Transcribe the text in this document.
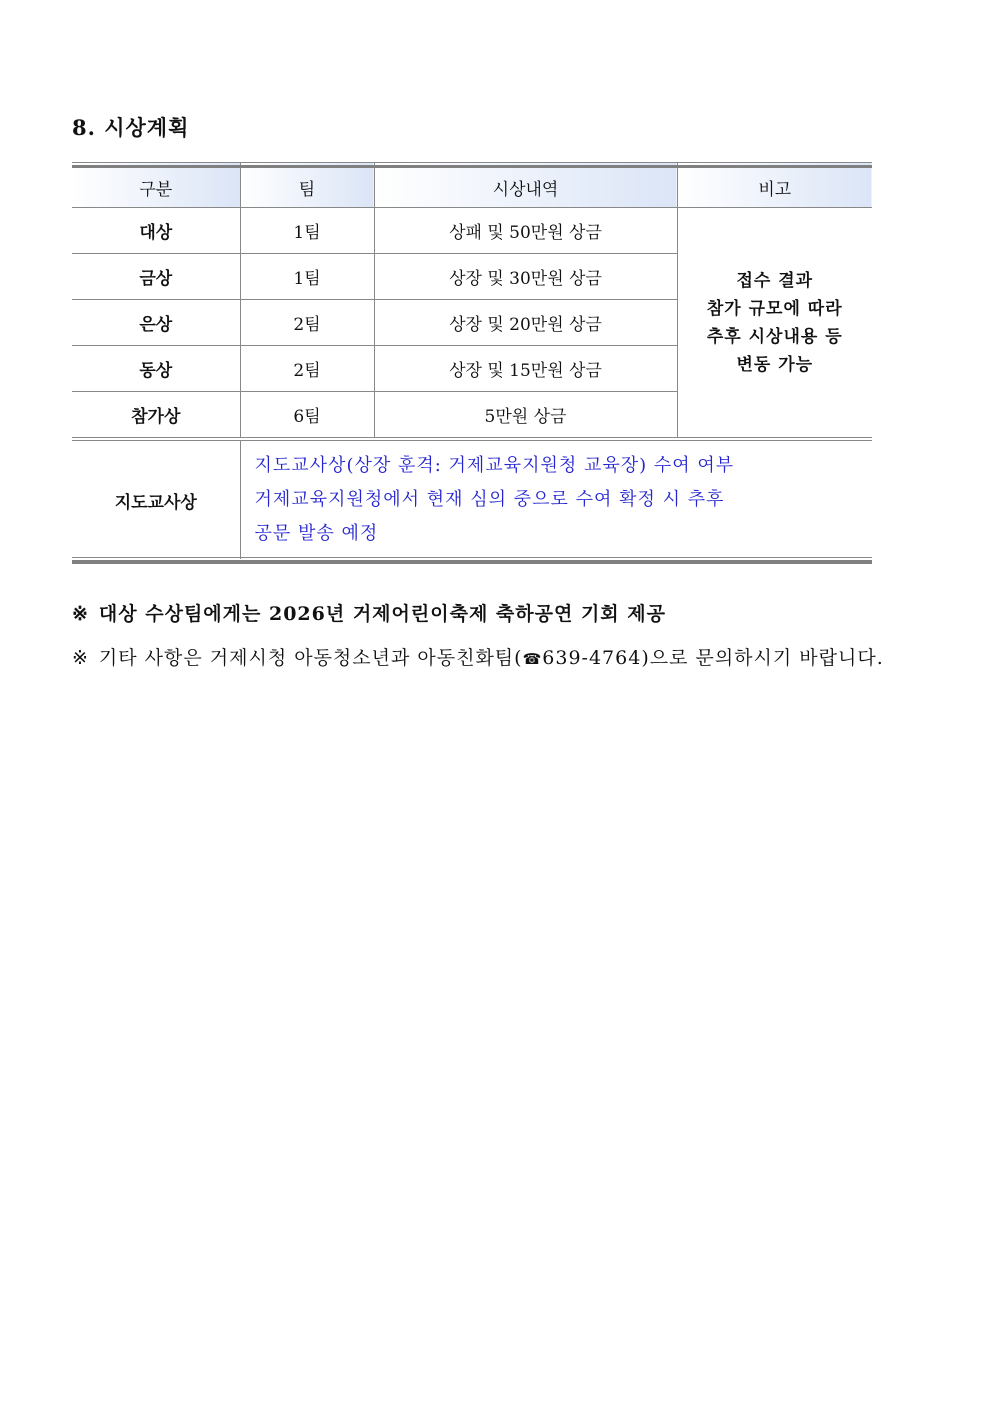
8. 시상계획
구분	팀	시상내역	비고
대상	1팀	상패 및 50만원 상금	접수 결과
참가 규모에 따라
추후 시상내용 등
변동 가능

금상	1팀	상장 및 30만원 상금	
은상	2팀	상장 및 20만원 상금	
동상	2팀	상장 및 15만원 상금	
참가상	6팀	5만원 상금	
지도교사상	지도교사상(상장 훈격: 거제교육지원청 교육장) 수여 여부
거제교육지원청에서 현재 심의 중으로 수여 확정 시 추후
공문 발송 예정		
※ 대상 수상팀에게는 2026년 거제어린이축제 축하공연 기회 제공
※ 기타 사항은 거제시청 아동청소년과 아동친화팀(☎639-4764)으로 문의하시기 바랍니다.
